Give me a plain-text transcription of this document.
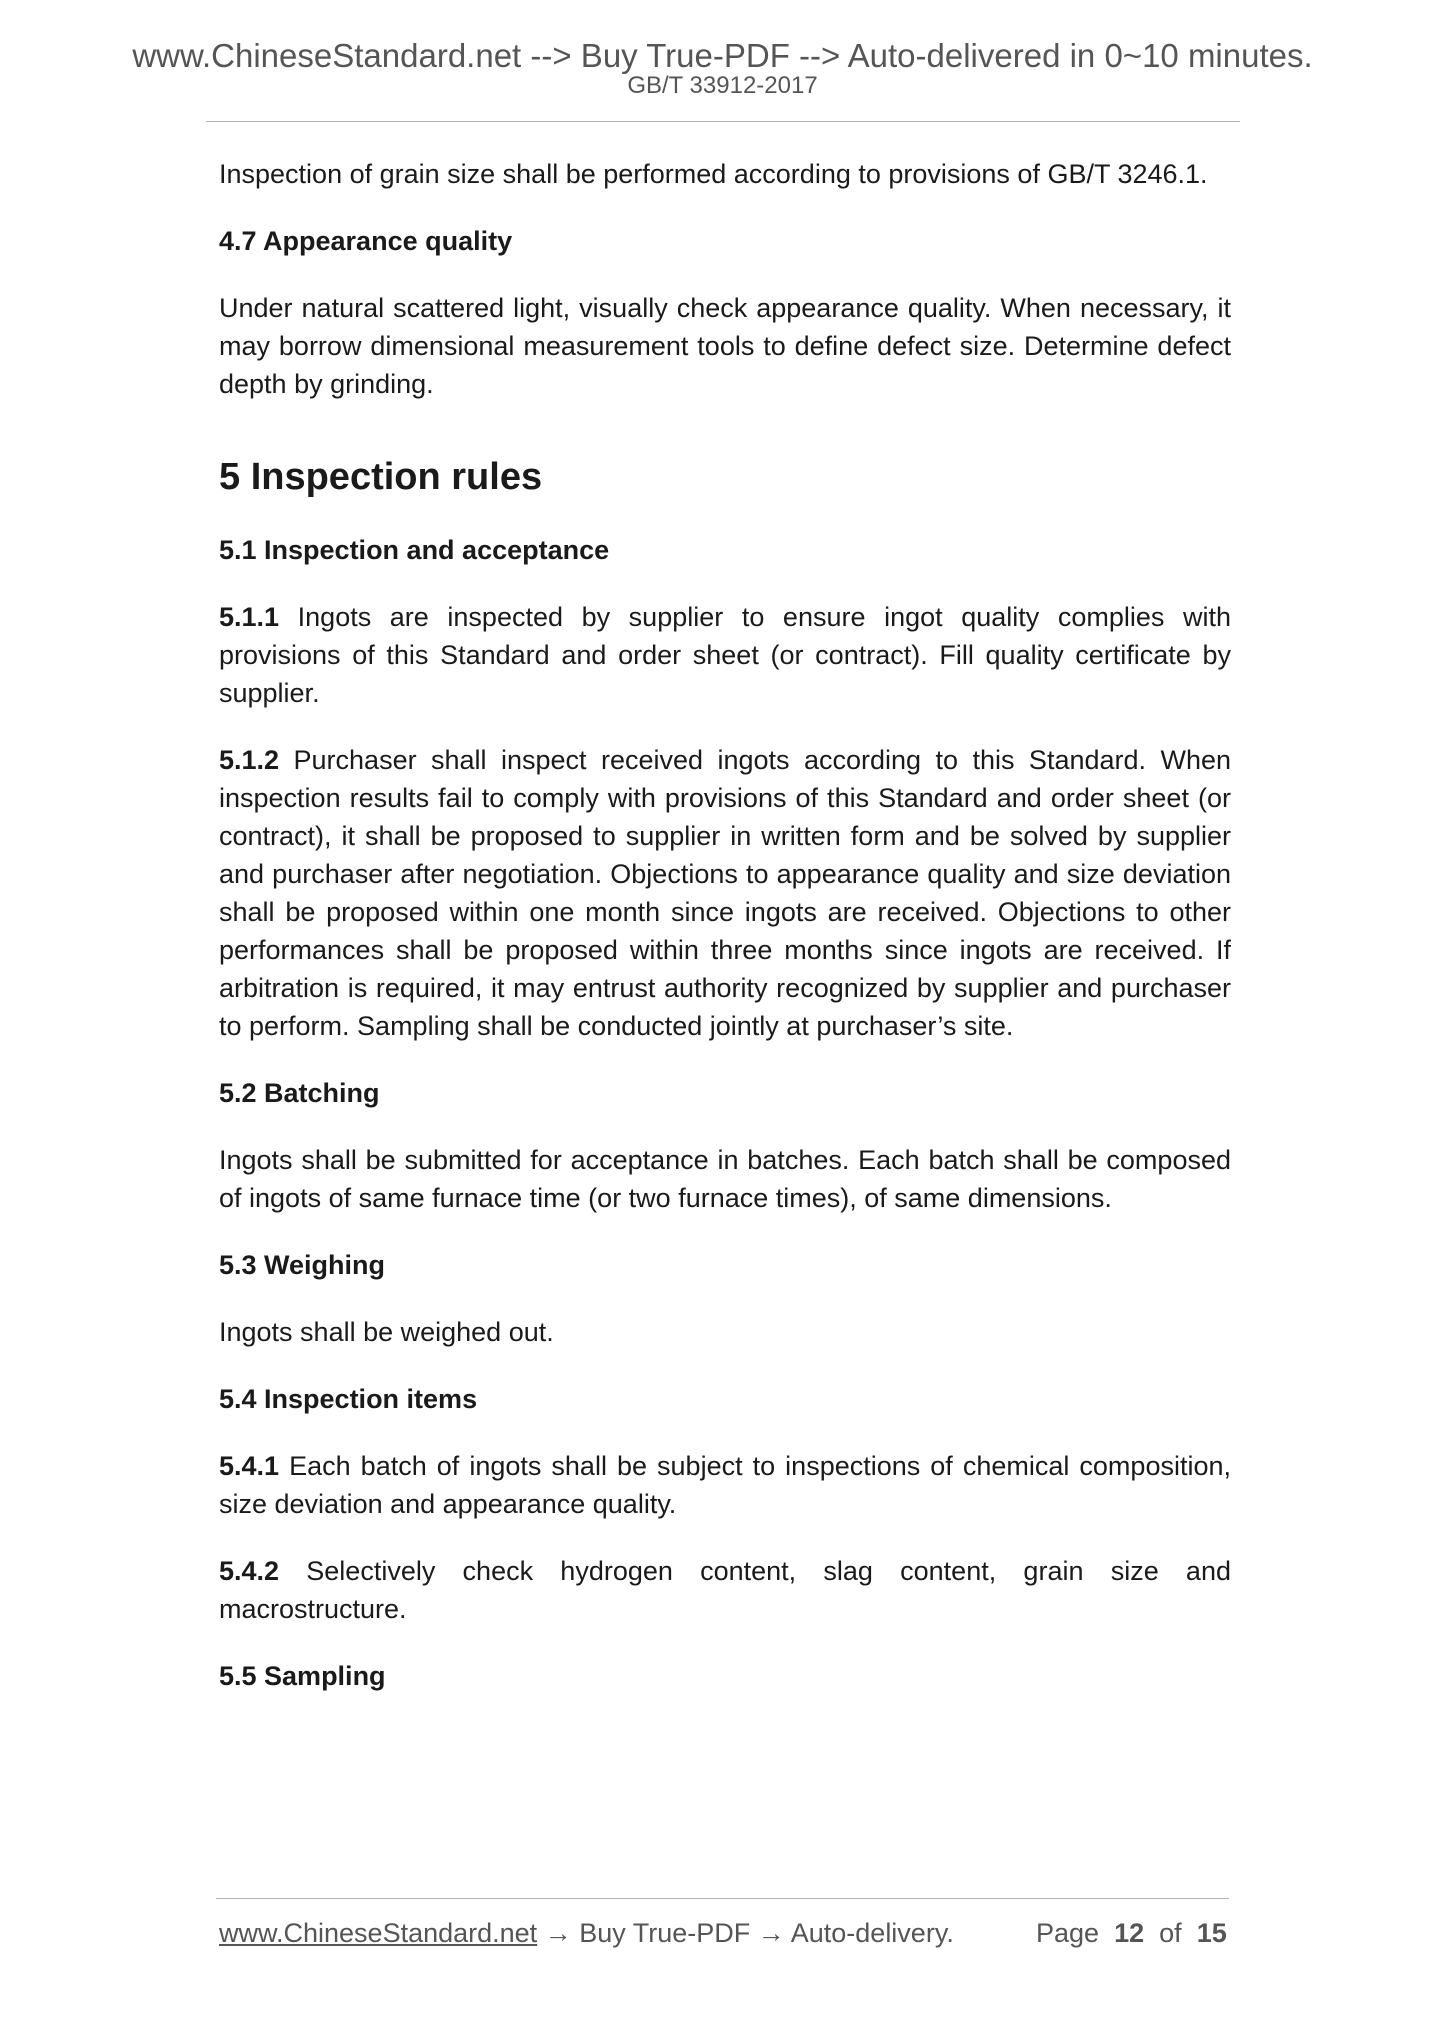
www.ChineseStandard.net --> Buy True-PDF --> Auto-delivered in 0~10 minutes.
GB/T 33912-2017

Inspection of grain size shall be performed according to provisions of GB/T 3246.1.

4.7 Appearance quality

Under natural scattered light, visually check appearance quality. When necessary, it may borrow dimensional measurement tools to define defect size. Determine defect depth by grinding.

5 Inspection rules
5.1 Inspection and acceptance

5.1.1 Ingots are inspected by supplier to ensure ingot quality complies with provisions of this Standard and order sheet (or contract). Fill quality certificate by supplier.

5.1.2 Purchaser shall inspect received ingots according to this Standard. When inspection results fail to comply with provisions of this Standard and order sheet (or contract), it shall be proposed to supplier in written form and be solved by supplier and purchaser after negotiation. Objections to appearance quality and size deviation shall be proposed within one month since ingots are received. Objections to other performances shall be proposed within three months since ingots are received. If arbitration is required, it may entrust authority recognized by supplier and purchaser to perform. Sampling shall be conducted jointly at purchaser’s site.

5.2 Batching

Ingots shall be submitted for acceptance in batches. Each batch shall be composed of ingots of same furnace time (or two furnace times), of same dimensions.

5.3 Weighing

Ingots shall be weighed out.

5.4 Inspection items

5.4.1 Each batch of ingots shall be subject to inspections of chemical composition, size deviation and appearance quality.

5.4.2 Selectively check hydrogen content, slag content, grain size and macrostructure.

5.5 Sampling
www.ChineseStandard.net → Buy True-PDF → Auto-delivery.	Page 12 of 15
